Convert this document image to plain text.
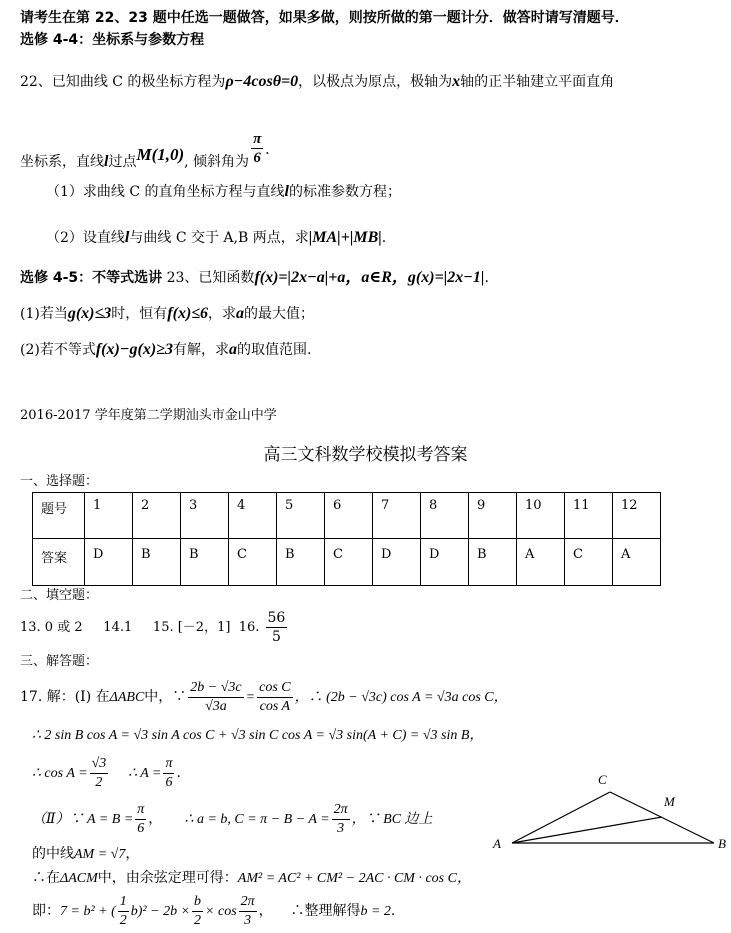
请考生在第 22、23 题中任选一题做答，如果多做，则按所做的第一题计分．做答时请写清题号．
选修 4-4：坐标系与参数方程
22、已知曲线 C 的极坐标方程为ρ−4cosθ=0，以极点为原点，极轴为x轴的正半轴建立平面直角
坐标系，直线l过点M(1,0), 倾斜角为 $\frac{\pi}{6}$ ．
（1）求曲线 C 的直角坐标方程与直线l的标准参数方程；
（2）设直线l与曲线 C 交于 A,B 两点，求|MA|+|MB|.
选修 4-5：不等式选讲 23、已知函数f(x)=|2x−a|+a，a∈R，g(x)=|2x−1|.
(1)若当g(x)≤3时，恒有f(x)≤6，求a的最大值；
(2)若不等式f(x)−g(x)≥3有解，求a的取值范围.
2016-2017 学年度第二学期汕头市金山中学
高三文科数学校模拟考答案
一、选择题：
题号	1	2	3	4	5	6	7	8	9	10	11	12
答案	D	B	B	C	B	C	D	D	B	A	C	A
二、填空题：
13. 0 或 2 14.1 15. [－2，1] 16. $\frac{56}{5}$
三、解答题：
17. 解：(Ⅰ) 在ΔABC中，∵ $\frac{2b - √3c}{√3a} = \frac{\text{cos C}}{\text{cos A}}$ ，∴ (2b − √3c) cos A = √3a cos C，
∴ 2 sin B cos A = √3 sin A cos C + √3 sin C cos A = √3 sin(A + C) = √3 sin B，
∴ $\cos A = \frac{√3}{2}$ ∴ $A = \frac{\pi}{6}$ .
（Ⅱ）∵ $A = B = \frac{\pi}{6}$ ， ∴ a = b, $C = \pi - B - A = \frac{2\pi}{3}$ ，∵ BC 边上
的中线AM = √7，
∴在ΔACM中，由余弦定理可得：AM² = AC² + CM² − 2AC · CM · cos C，
即：7 = b² + ( $\frac{1}{2} b)^2 - 2b \times \frac{b}{2} \times \cos \frac{2\pi}{3}$ ， ∴整理解得b = 2.
C
M
A	B
